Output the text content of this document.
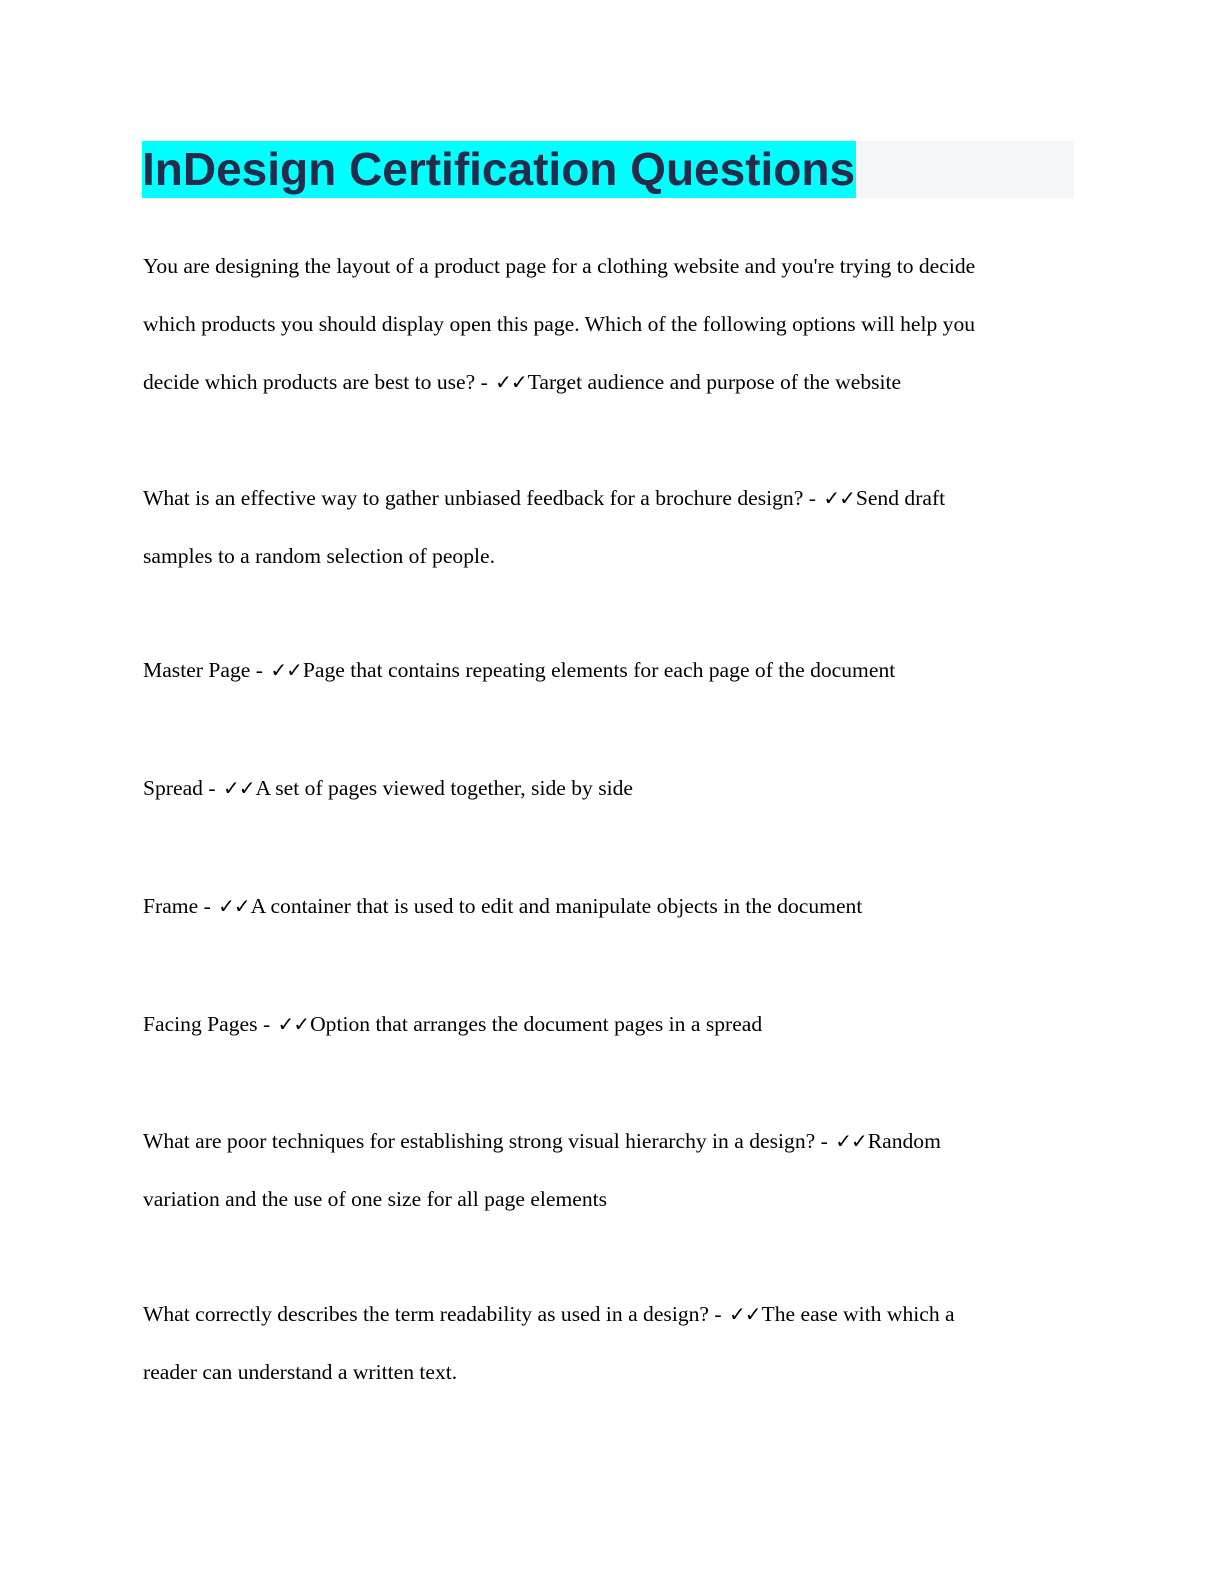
InDesign Certification Questions
You are designing the layout of a product page for a clothing website and you're trying to decide
which products you should display open this page. Which of the following options will help you
decide which products are best to use? - ✓✓Target audience and purpose of the website
What is an effective way to gather unbiased feedback for a brochure design? - ✓✓Send draft
samples to a random selection of people.
Master Page - ✓✓Page that contains repeating elements for each page of the document
Spread - ✓✓A set of pages viewed together, side by side
Frame - ✓✓A container that is used to edit and manipulate objects in the document
Facing Pages - ✓✓Option that arranges the document pages in a spread
What are poor techniques for establishing strong visual hierarchy in a design? - ✓✓Random
variation and the use of one size for all page elements
What correctly describes the term readability as used in a design? - ✓✓The ease with which a
reader can understand a written text.
